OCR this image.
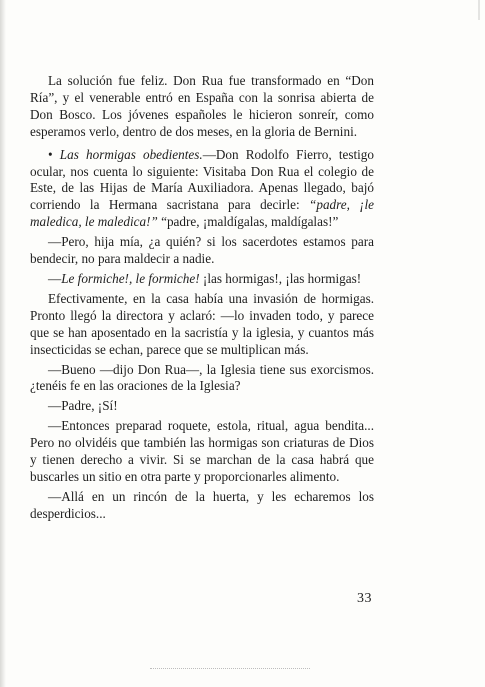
La solución fue feliz. Don Rua fue transformado en “Don Ría”, y el venerable entró en España con la sonrisa abierta de Don Bosco. Los jóvenes españoles le hicieron sonreír, como esperamos verlo, dentro de dos meses, en la gloria de Bernini.

• Las hormigas obedientes.—Don Rodolfo Fierro, testigo ocular, nos cuenta lo siguiente: Visitaba Don Rua el colegio de Este, de las Hijas de María Auxiliadora. Apenas llegado, bajó corriendo la Hermana sacristana para decirle: “padre, ¡le maledica, le maledica!” “padre, ¡maldígalas, maldígalas!”

—Pero, hija mía, ¿a quién? si los sacerdotes estamos para bendecir, no para maldecir a nadie.

—Le formiche!, le formiche! ¡las hormigas!, ¡las hormigas!

Efectivamente, en la casa había una invasión de hormigas. Pronto llegó la directora y aclaró: —lo invaden todo, y parece que se han aposentado en la sacristía y la iglesia, y cuantos más insecticidas se echan, parece que se multiplican más.

—Bueno —dijo Don Rua—, la Iglesia tiene sus exorcismos. ¿tenéis fe en las oraciones de la Iglesia?

—Padre, ¡Sí!

—Entonces preparad roquete, estola, ritual, agua bendita... Pero no olvidéis que también las hormigas son criaturas de Dios y tienen derecho a vivir. Si se marchan de la casa habrá que buscarles un sitio en otra parte y proporcionarles alimento.

—Allá en un rincón de la huerta, y les echaremos los desperdicios...

33
